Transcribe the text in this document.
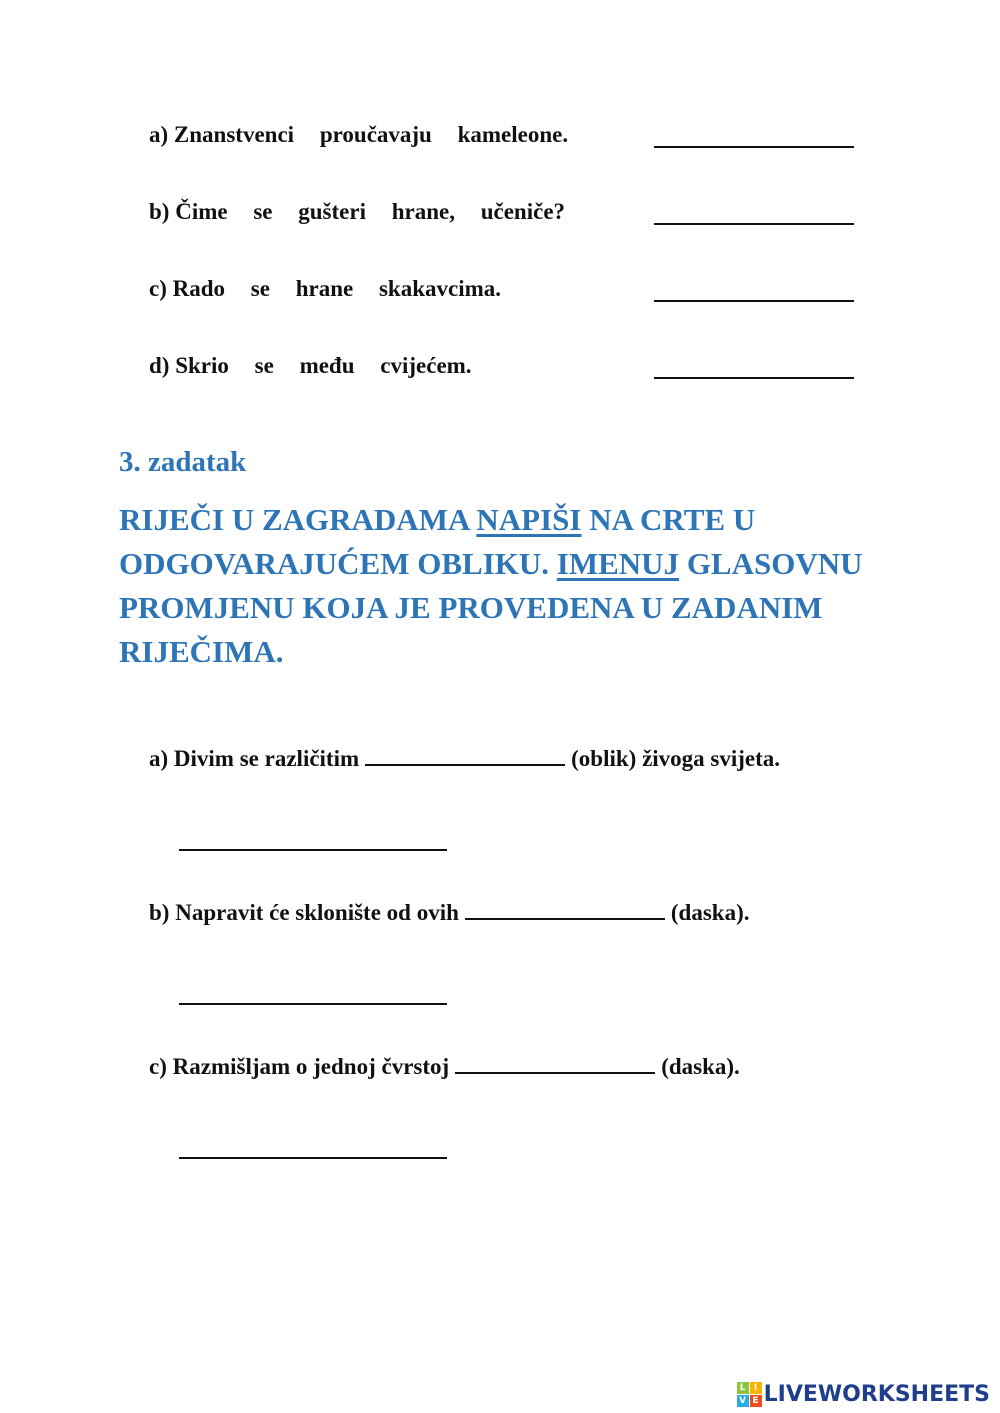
a) Znanstvenci proučavaju kameleone.
b) Čime se gušteri hrane, učeniče?
c) Rado se hrane skakavcima.
d) Skrio se među cvijećem.
3. zadatak
RIJEČI U ZAGRADAMA NAPIŠI NA CRTE U ODGOVARAJUĆEM OBLIKU. IMENUJ GLASOVNU PROMJENU KOJA JE PROVEDENA U ZADANIM RIJEČIMA.
a) Divim se različitim	(oblik) živoga svijeta.
b) Napravit će sklonište od ovih	(daska).
c) Razmišljam o jednoj čvrstoj	(daska).
L I
V E LIVEWORKSHEETS
